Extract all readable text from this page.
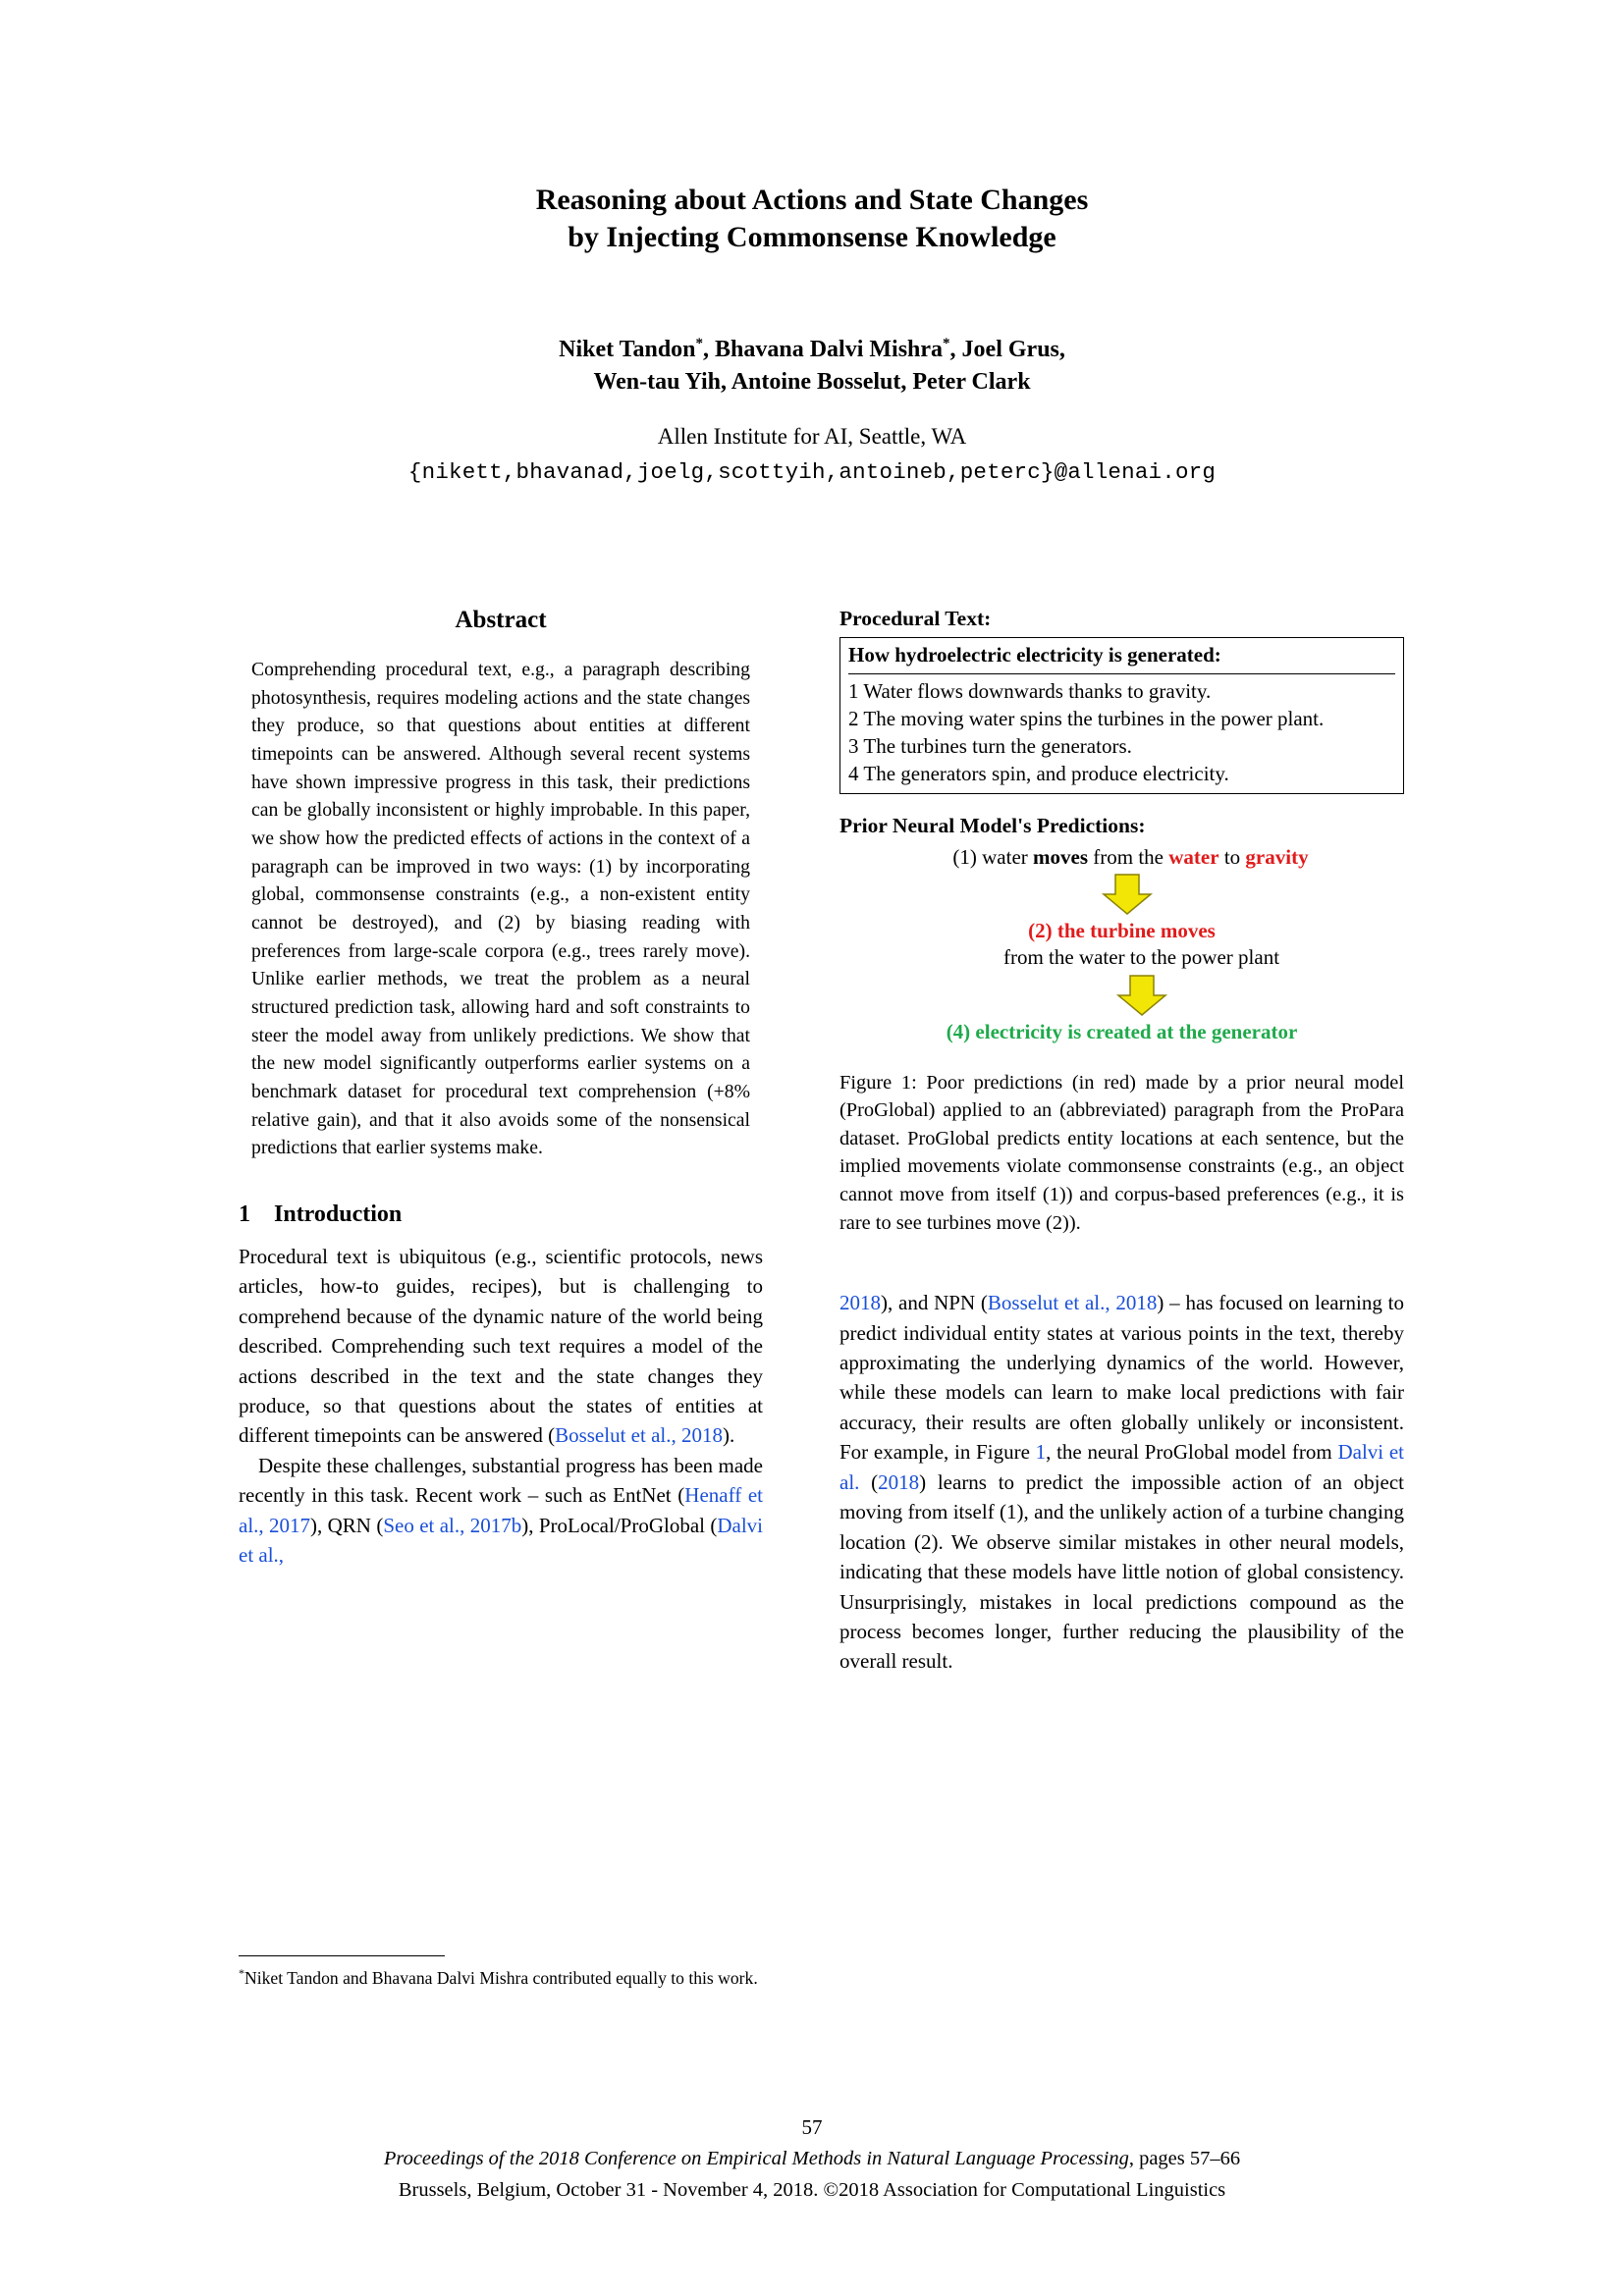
Reasoning about Actions and State Changes
by Injecting Commonsense Knowledge
Niket Tandon*, Bhavana Dalvi Mishra*, Joel Grus,
Wen-tau Yih, Antoine Bosselut, Peter Clark
Allen Institute for AI, Seattle, WA
{nikett,bhavanad,joelg,scottyih,antoineb,peterc}@allenai.org
Abstract

Comprehending procedural text, e.g., a paragraph describing photosynthesis, requires modeling actions and the state changes they produce, so that questions about entities at different timepoints can be answered. Although several recent systems have shown impressive progress in this task, their predictions can be globally inconsistent or highly improbable. In this paper, we show how the predicted effects of actions in the context of a paragraph can be improved in two ways: (1) by incorporating global, commonsense constraints (e.g., a non-existent entity cannot be destroyed), and (2) by biasing reading with preferences from large-scale corpora (e.g., trees rarely move). Unlike earlier methods, we treat the problem as a neural structured prediction task, allowing hard and soft constraints to steer the model away from unlikely predictions. We show that the new model significantly outperforms earlier systems on a benchmark dataset for procedural text comprehension (+8% relative gain), and that it also avoids some of the nonsensical predictions that earlier systems make.

1 Introduction

Procedural text is ubiquitous (e.g., scientific protocols, news articles, how-to guides, recipes), but is challenging to comprehend because of the dynamic nature of the world being described. Comprehending such text requires a model of the actions described in the text and the state changes they produce, so that questions about the states of entities at different timepoints can be answered (Bosselut et al., 2018).

Despite these challenges, substantial progress has been made recently in this task. Recent work – such as EntNet (Henaff et al., 2017), QRN (Seo et al., 2017b), ProLocal/ProGlobal (Dalvi et al.,

Procedural Text:
How hydroelectric electricity is generated:
1 Water flows downwards thanks to gravity.
2 The moving water spins the turbines in the power plant.
3 The turbines turn the generators.
4 The generators spin, and produce electricity.
Prior Neural Model's Predictions:
(1) water moves from the water to gravity
(2) the turbine moves
from the water to the power plant
(4) electricity is created at the generator

Figure 1: Poor predictions (in red) made by a prior neural model (ProGlobal) applied to an (abbreviated) paragraph from the ProPara dataset. ProGlobal predicts entity locations at each sentence, but the implied movements violate commonsense constraints (e.g., an object cannot move from itself (1)) and corpus-based preferences (e.g., it is rare to see turbines move (2)).

2018), and NPN (Bosselut et al., 2018) – has focused on learning to predict individual entity states at various points in the text, thereby approximating the underlying dynamics of the world. However, while these models can learn to make local predictions with fair accuracy, their results are often globally unlikely or inconsistent. For example, in Figure 1, the neural ProGlobal model from Dalvi et al. (2018) learns to predict the impossible action of an object moving from itself (1), and the unlikely action of a turbine changing location (2). We observe similar mistakes in other neural models, indicating that these models have little notion of global consistency. Unsurprisingly, mistakes in local predictions compound as the process becomes longer, further reducing the plausibility of the overall result.

*Niket Tandon and Bhavana Dalvi Mishra contributed equally to this work.
57
Proceedings of the 2018 Conference on Empirical Methods in Natural Language Processing, pages 57–66
Brussels, Belgium, October 31 - November 4, 2018. ©2018 Association for Computational Linguistics
